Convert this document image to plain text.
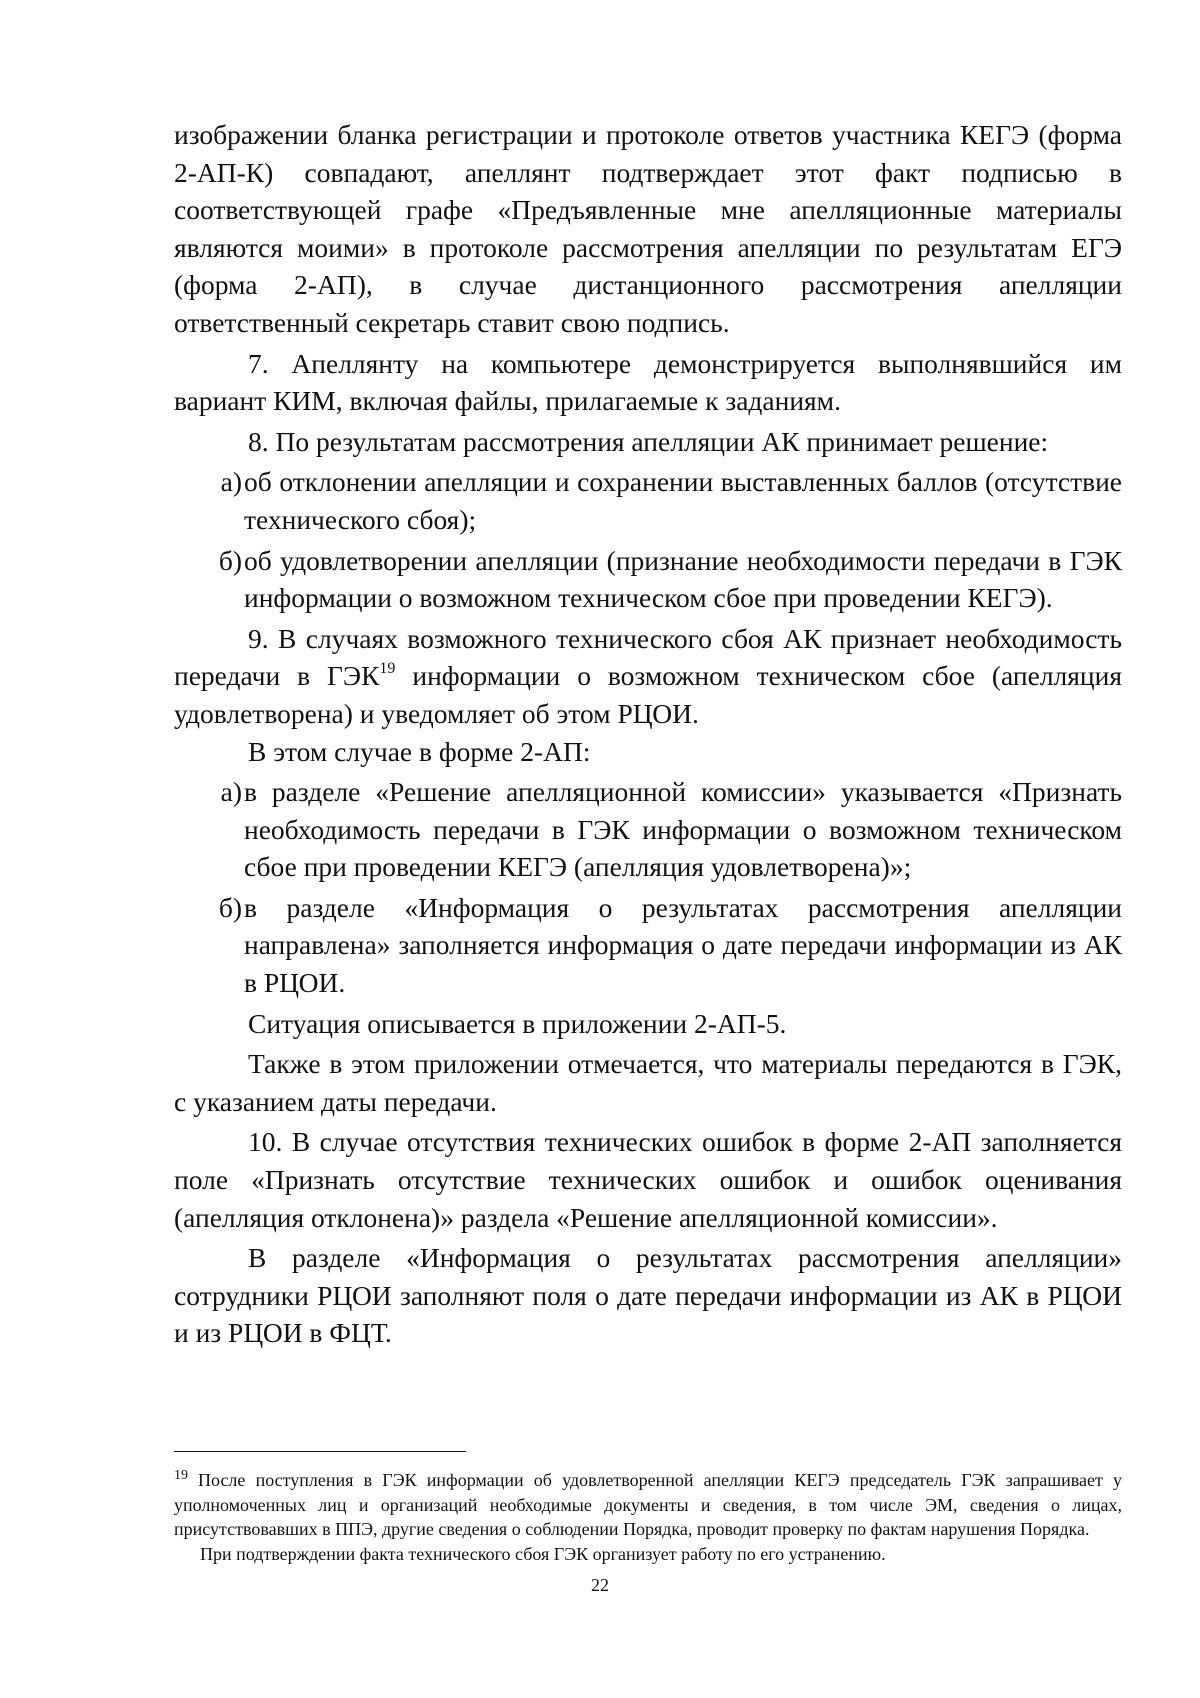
изображении бланка регистрации и протоколе ответов участника КЕГЭ (форма 2-АП-К) совпадают, апеллянт подтверждает этот факт подписью в соответствующей графе «Предъявленные мне апелляционные материалы являются моими» в протоколе рассмотрения апелляции по результатам ЕГЭ (форма 2-АП), в случае дистанционного рассмотрения апелляции ответственный секретарь ставит свою подпись.

7. Апеллянту на компьютере демонстрируется выполнявшийся им вариант КИМ, включая файлы, прилагаемые к заданиям.

8. По результатам рассмотрения апелляции АК принимает решение:

а) об отклонении апелляции и сохранении выставленных баллов (отсутствие технического сбоя);
б) об удовлетворении апелляции (признание необходимости передачи в ГЭК информации о возможном техническом сбое при проведении КЕГЭ).

9. В случаях возможного технического сбоя АК признает необходимость передачи в ГЭК$^{19}$ информации о возможном техническом сбое (апелляция удовлетворена) и уведомляет об этом РЦОИ.

В этом случае в форме 2-АП:

а) в разделе «Решение апелляционной комиссии» указывается «Признать необходимость передачи в ГЭК информации о возможном техническом сбое при проведении КЕГЭ (апелляция удовлетворена)»;
б) в разделе «Информация о результатах рассмотрения апелляции направлена» заполняется информация о дате передачи информации из АК в РЦОИ.

Ситуация описывается в приложении 2-АП-5.

Также в этом приложении отмечается, что материалы передаются в ГЭК, с указанием даты передачи.

10. В случае отсутствия технических ошибок в форме 2-АП заполняется поле «Признать отсутствие технических ошибок и ошибок оценивания (апелляция отклонена)» раздела «Решение апелляционной комиссии».

В разделе «Информация о результатах рассмотрения апелляции» сотрудники РЦОИ заполняют поля о дате передачи информации из АК в РЦОИ и из РЦОИ в ФЦТ.

$^{19}$ После поступления в ГЭК информации об удовлетворенной апелляции КЕГЭ председатель ГЭК запрашивает у уполномоченных лиц и организаций необходимые документы и сведения, в том числе ЭМ, сведения о лицах, присутствовавших в ППЭ, другие сведения о соблюдении Порядка, проводит проверку по фактам нарушения Порядка.

При подтверждении факта технического сбоя ГЭК организует работу по его устранению.

22
